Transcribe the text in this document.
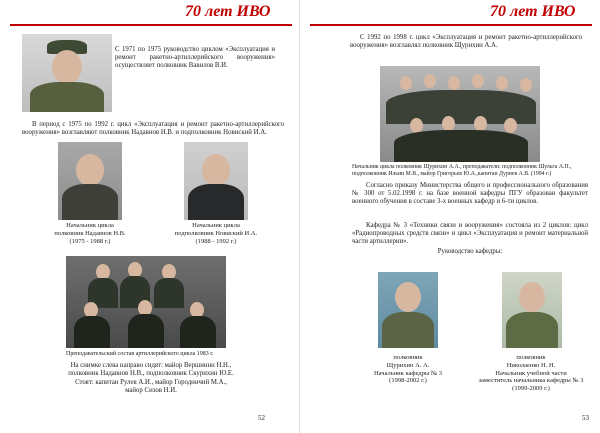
70 лет ИВО
С 1971 по 1975 руководство циклом «Эксплуатация и ремонт ракетно-артиллерийского вооружения» осуществляет полковник Вавилов В.И.
В период с 1975 по 1992 г. цикл «Эксплуатация и ремонт ракетно-артиллерийского вооружения» возглавляют полковник Надавнов Н.В. и подполковник Новиский И.А.
Начальник цикла
полковник Надавнов Н.В.
(1975 - 1988 г.)
Начальник цикла
подполковник Новиский И.А.
(1988 - 1992 г.)
Преподавательский состав артиллерийского цикла 1983 г.
На снимке слева направо сидят: майор Вершинин Н.Н.,
полковник Надавнов Н.В., подполковник Скурихин Ю.Е.
Стоят: капитан Рулев А.И., майор Городничий М.А.,
майор Сизов Н.И.
52
70 лет ИВО
С 1992 по 1998 г. цикл «Эксплуатация и ремонт ракетно-артиллерийского вооружения» возглавлял полковник Щурихин А.А.
Начальник цикла полковник Щурихин А.А., преподаватели: подполковник Шульга А.П., подполковник Ильин М.В., майор Григорьев Ю.А.,капитан Дурнев А.В. (1994 г.)
Согласно приказу Министерства общего и профессионального образования № 300 от 5.02.1998 г. на базе военной кафедры ПГУ образован факультет военного обучения в составе 3-х военных кафедр и 6-ти циклов.
Кафедра № 3 «Техники связи и вооружения» состояла из 2 циклов: цикл «Радиопроводных средств связи» и цикл «Эксплуатация и ремонт материальной части артиллерии».
Руководство кафедры:
полковник
Щурихин А. А.
Начальник кафедры № 3
(1998-2002 г.)
полковник
Николаенко Н. Н.
Начальник учебной части
заместитель начальника кафедры № 3
(1999-2009 г.)
53
